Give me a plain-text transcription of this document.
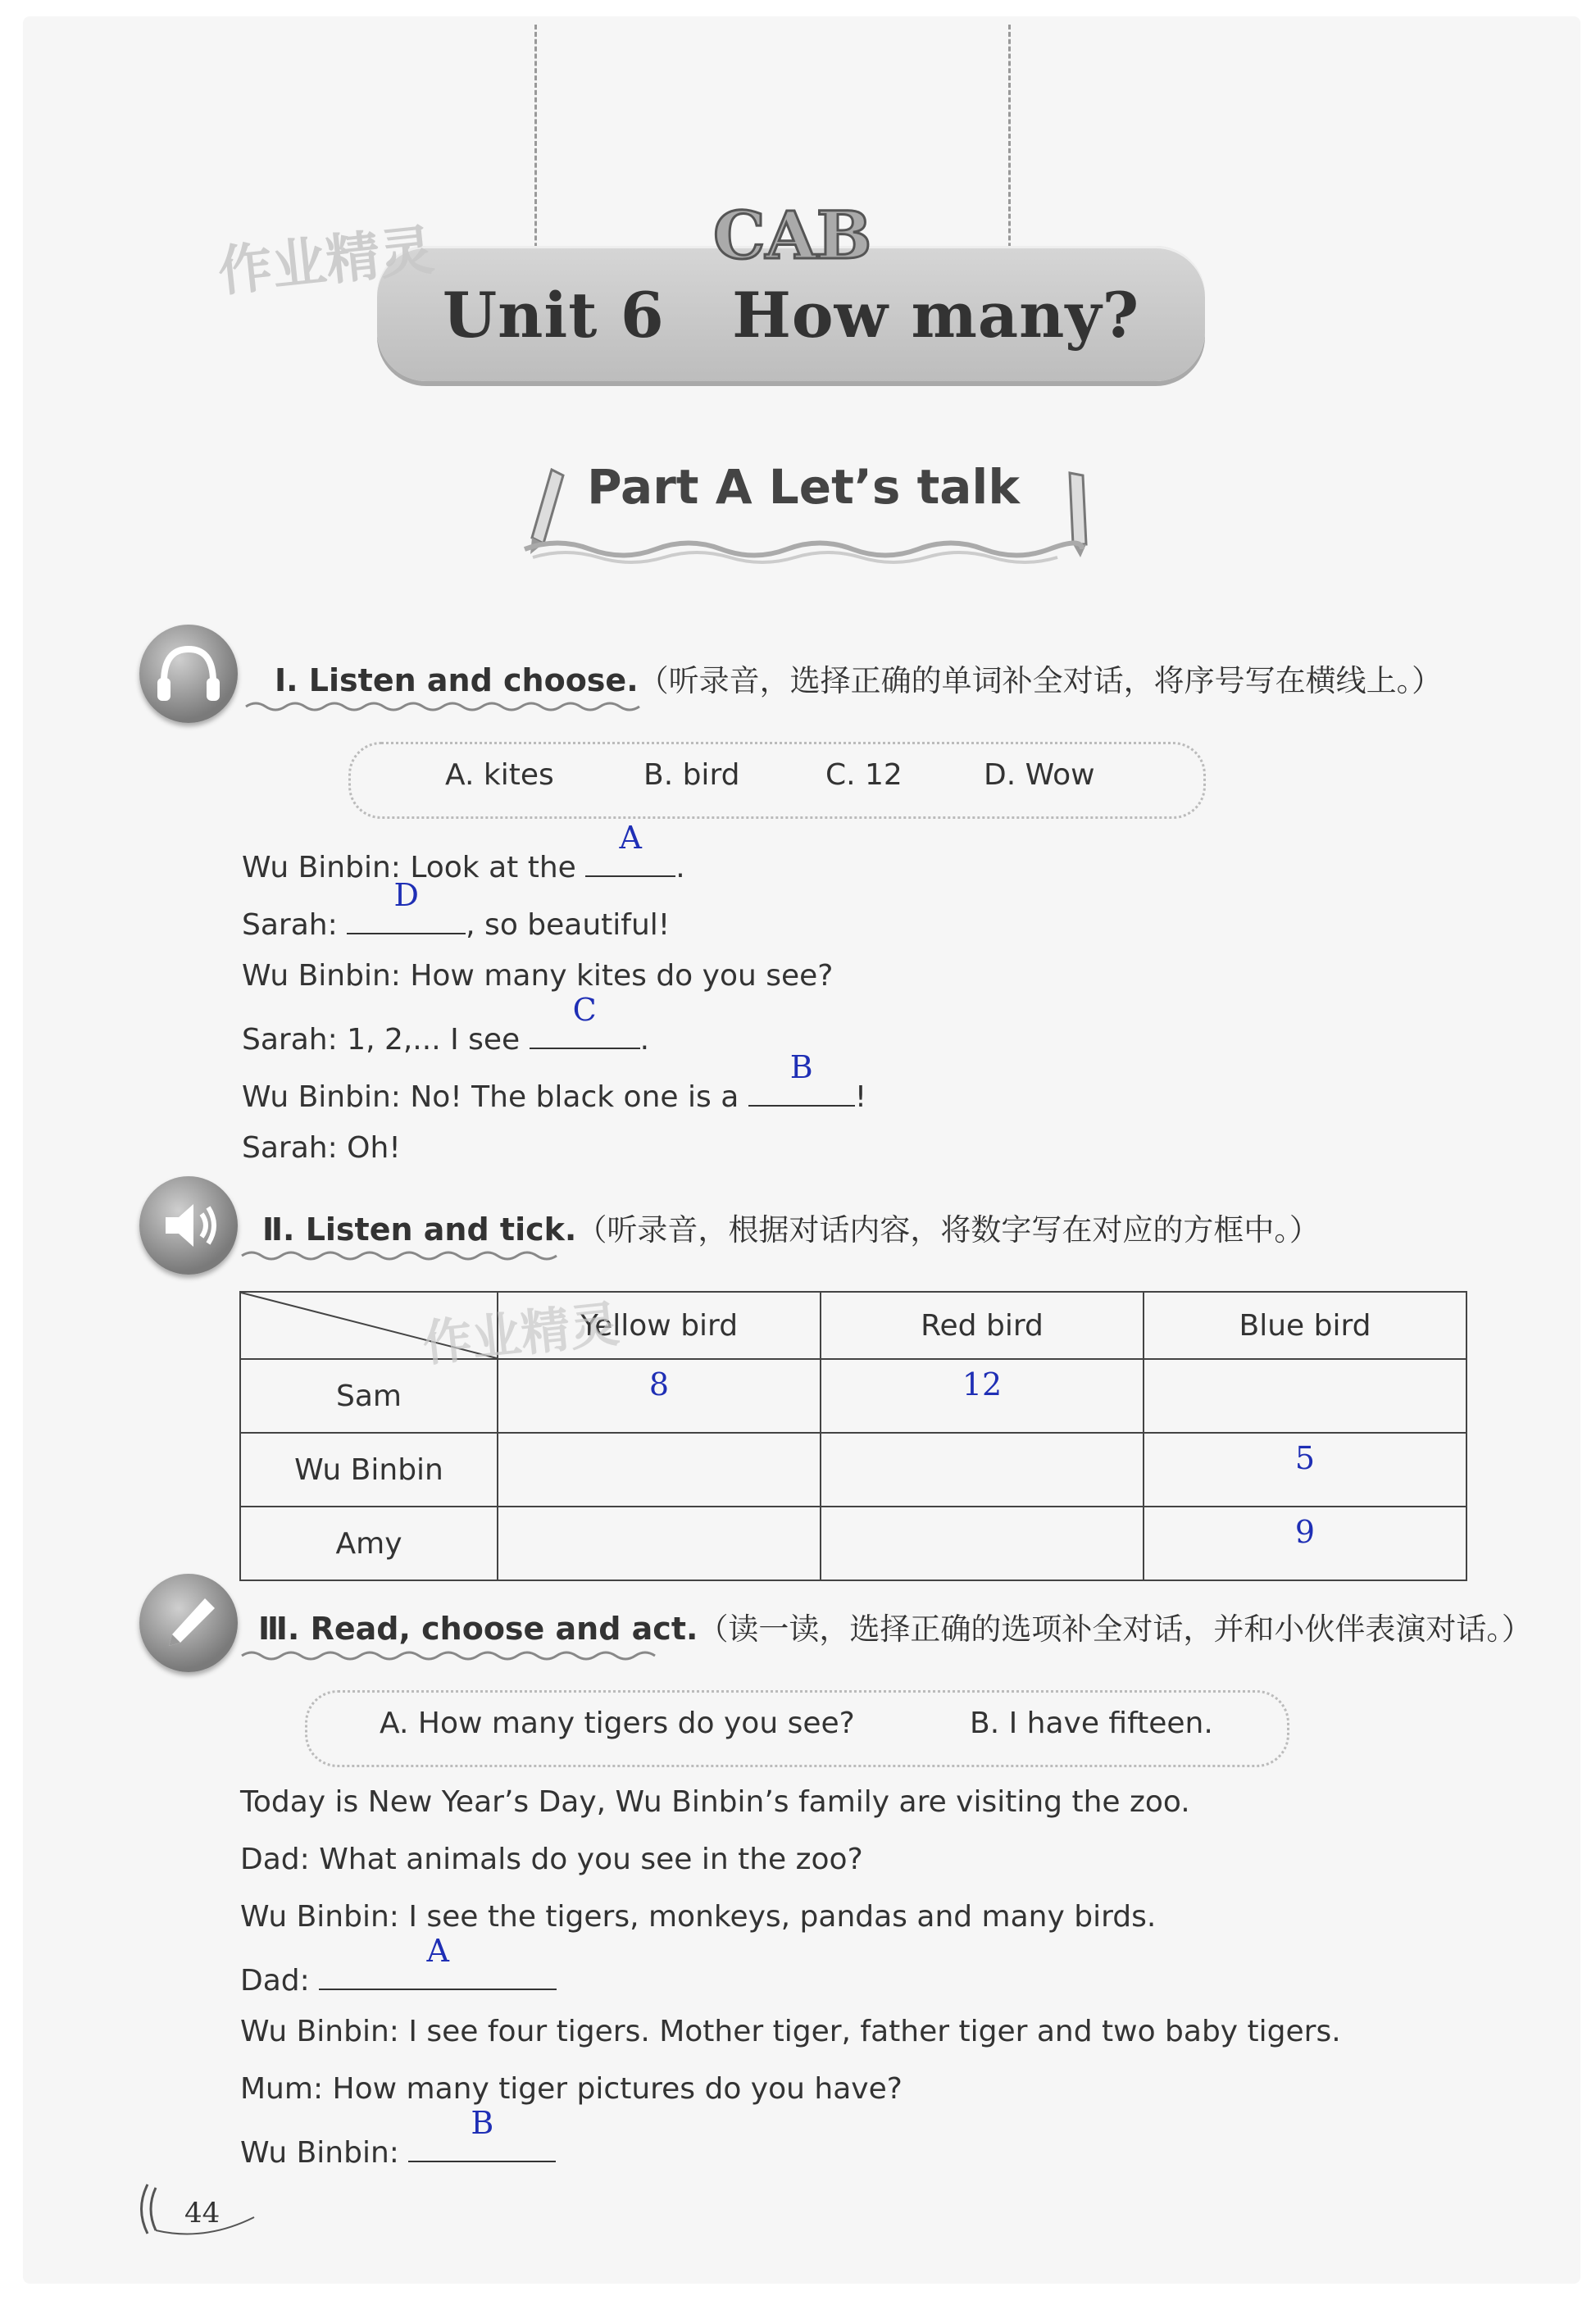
CAB
Unit 6   How many?
作业精灵
Part A Let’s talk
Ⅰ. Listen and choose.（听录音，选择正确的单词补全对话，将序号写在横线上。）
A. kites	B. bird	C. 12	D. Wow
Wu Binbin: Look at the
A
.
Sarah:
D
, so beautiful!
Wu Binbin: How many kites do you see?
Sarah: 1, 2,... I see
C
.
Wu Binbin: No! The black one is a
B
!
Sarah: Oh!
Ⅱ. Listen and tick.（听录音，根据对话内容，将数字写在对应的方框中。）
	Yellow bird	Red bird	Blue bird
Sam	8	12	
Wu Binbin			5
Amy			9
作业精灵
Ⅲ. Read, choose and act.（读一读，选择正确的选项补全对话，并和小伙伴表演对话。）
A. How many tigers do you see?	B. I have fifteen.
Today is New Year’s Day, Wu Binbin’s family are visiting the zoo.
Dad: What animals do you see in the zoo?
Wu Binbin: I see the tigers, monkeys, pandas and many birds.
Dad:
A
Wu Binbin: I see four tigers. Mother tiger, father tiger and two baby tigers.
Mum: How many tiger pictures do you have?
Wu Binbin:
B
44
